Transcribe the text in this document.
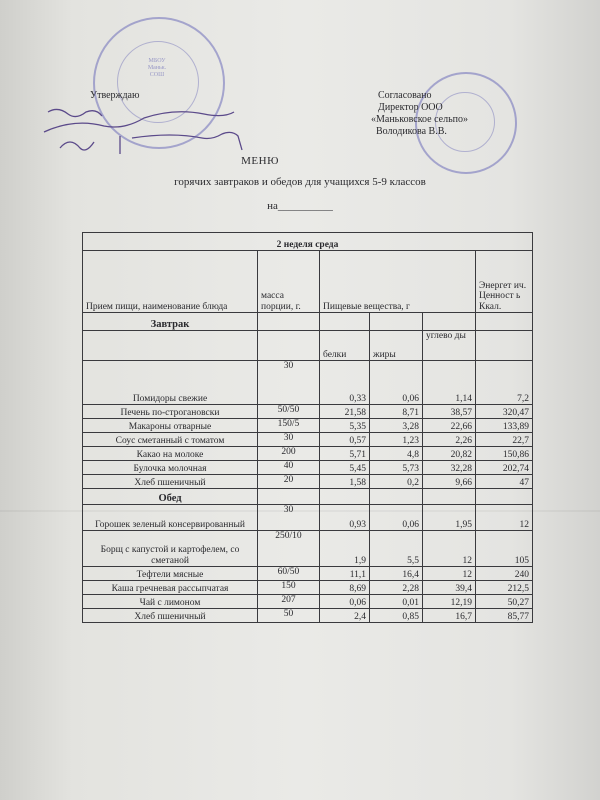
МБОУ
Маньк.
СОШ
Утверждаю	Согласовано
Директор ООО
«Маньковское сельпо»
Володикова В.В.
МЕНЮ
горячих завтраков и обедов для учащихся 5-9 классов
на__________
2 неделя среда					
Прием пищи, наименование блюда	масса порции, г.	Пищевые вещества, г			Энергет ич. Ценност ь Ккал.
Завтрак					
		белки	жиры	углево ды	
Помидоры свежие	30	0,33	0,06	1,14	7,2
Печень по-строгановски	50/50	21,58	8,71	38,57	320,47
Макароны отварные	150/5	5,35	3,28	22,66	133,89
Соус сметанный с томатом	30	0,57	1,23	2,26	22,7
Какао на молоке	200	5,71	4,8	20,82	150,86
Булочка молочная	40	5,45	5,73	32,28	202,74
Хлеб пшеничный	20	1,58	0,2	9,66	47
Обед					
Горошек зеленый консервированный	30	0,93	0,06	1,95	12
Борщ с капустой и картофелем, со сметаной	250/10	1,9	5,5	12	105
Тефтели мясные	60/50	11,1	16,4	12	240
Каша гречневая рассыпчатая	150	8,69	2,28	39,4	212,5
Чай с лимоном	207	0,06	0,01	12,19	50,27
Хлеб пшеничный	50	2,4	0,85	16,7	85,77
